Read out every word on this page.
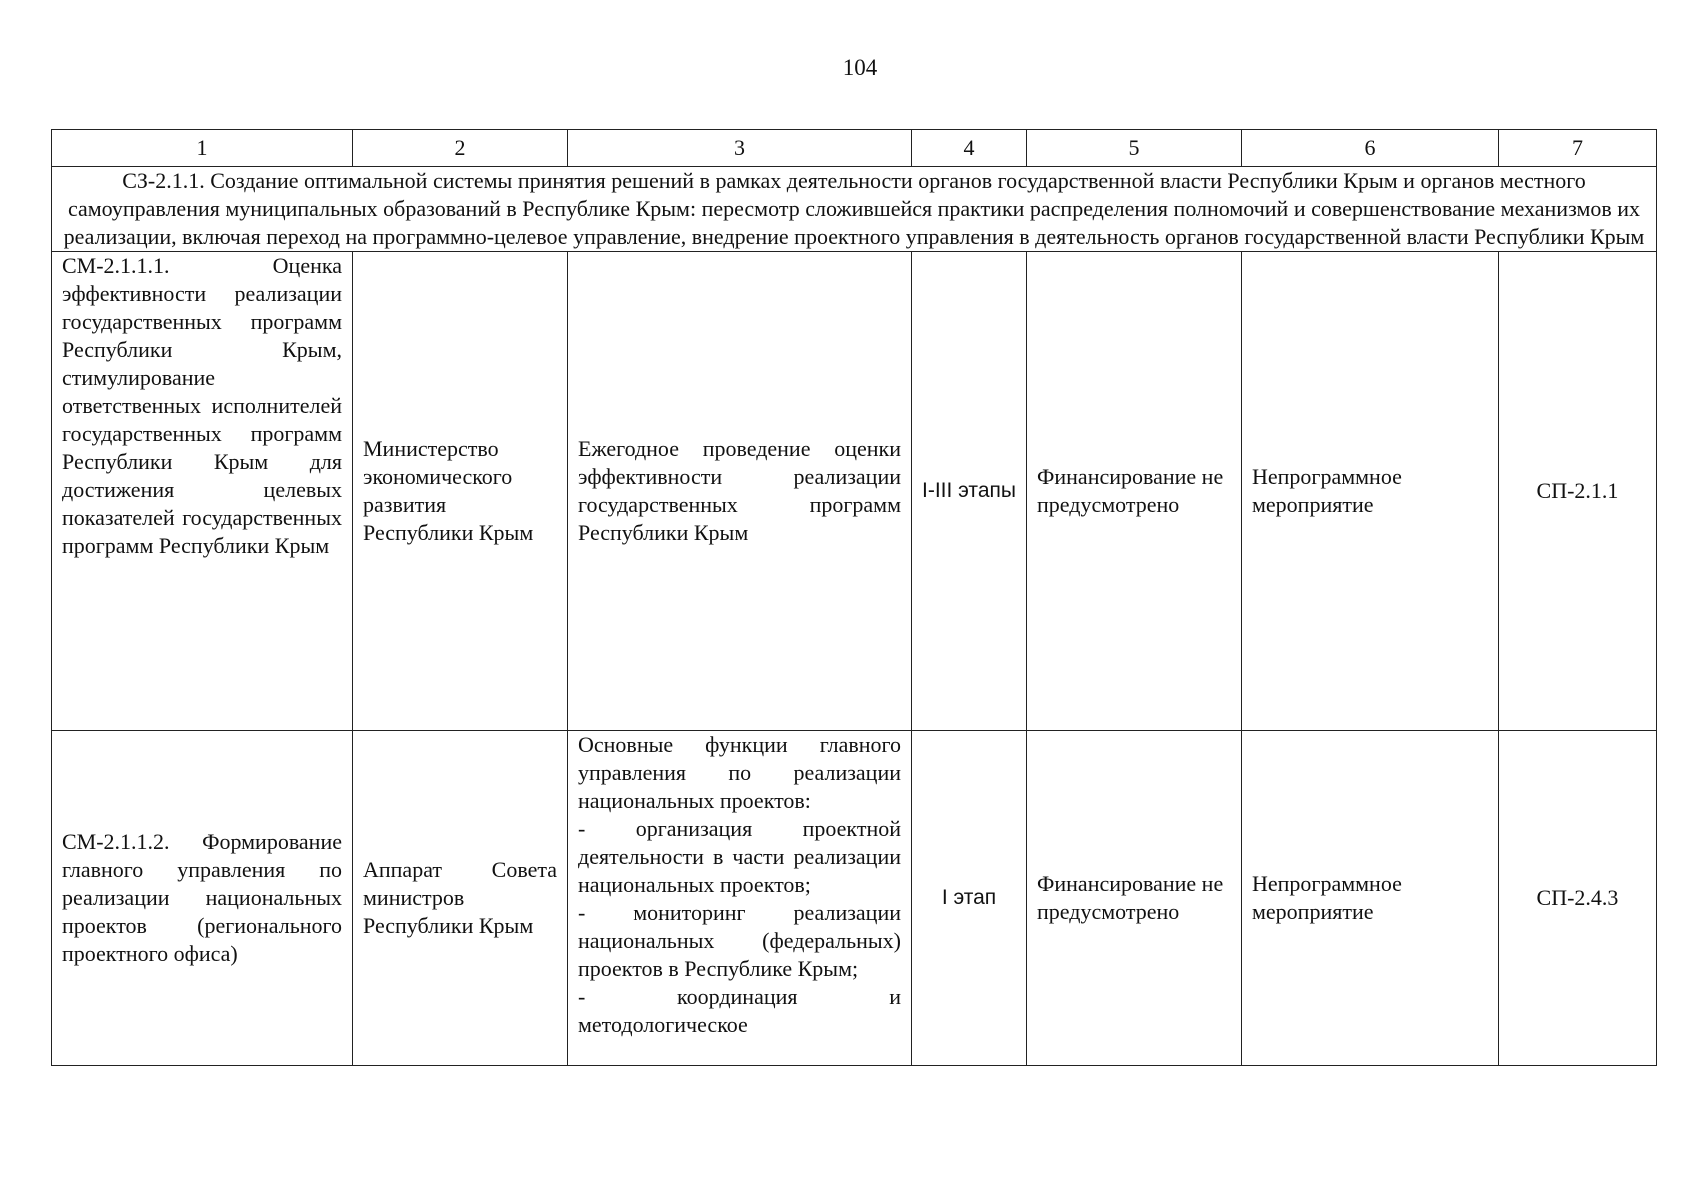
104
1	2	3	4	5	6	7
СЗ-2.1.1. Создание оптимальной системы принятия решений в рамках деятельности органов государственной власти Республики Крым и органов местного самоуправления муниципальных образований в Республике Крым: пересмотр сложившейся практики распределения полномочий и совершенствование механизмов их реализации, включая переход на программно-целевое управление, внедрение проектного управления в деятельность органов государственной власти Республики Крым						
СМ-2.1.1.1. Оценка эффективности реализации государственных программ Республики Крым, стимулирование ответственных исполнителей государственных программ Республики Крым для достижения целевых показателей государственных программ Республики Крым	Министерство экономического развития Республики Крым	Ежегодное проведение оценки эффективности реализации государственных программ Республики Крым	I-III этапы	Финансирование не предусмотрено	Непрограммное мероприятие	СП-2.1.1
СМ-2.1.1.2. Формирование главного управления по реализации национальных проектов (регионального проектного офиса)	Аппарат Совета министров Республики Крым	Основные функции главного управления по реализации национальных проектов:
- организация проектной деятельности в части реализации национальных проектов;
- мониторинг реализации национальных (федеральных) проектов в Республике Крым;
- координация и методологическое	I этап	Финансирование не предусмотрено	Непрограммное мероприятие	СП-2.4.3
